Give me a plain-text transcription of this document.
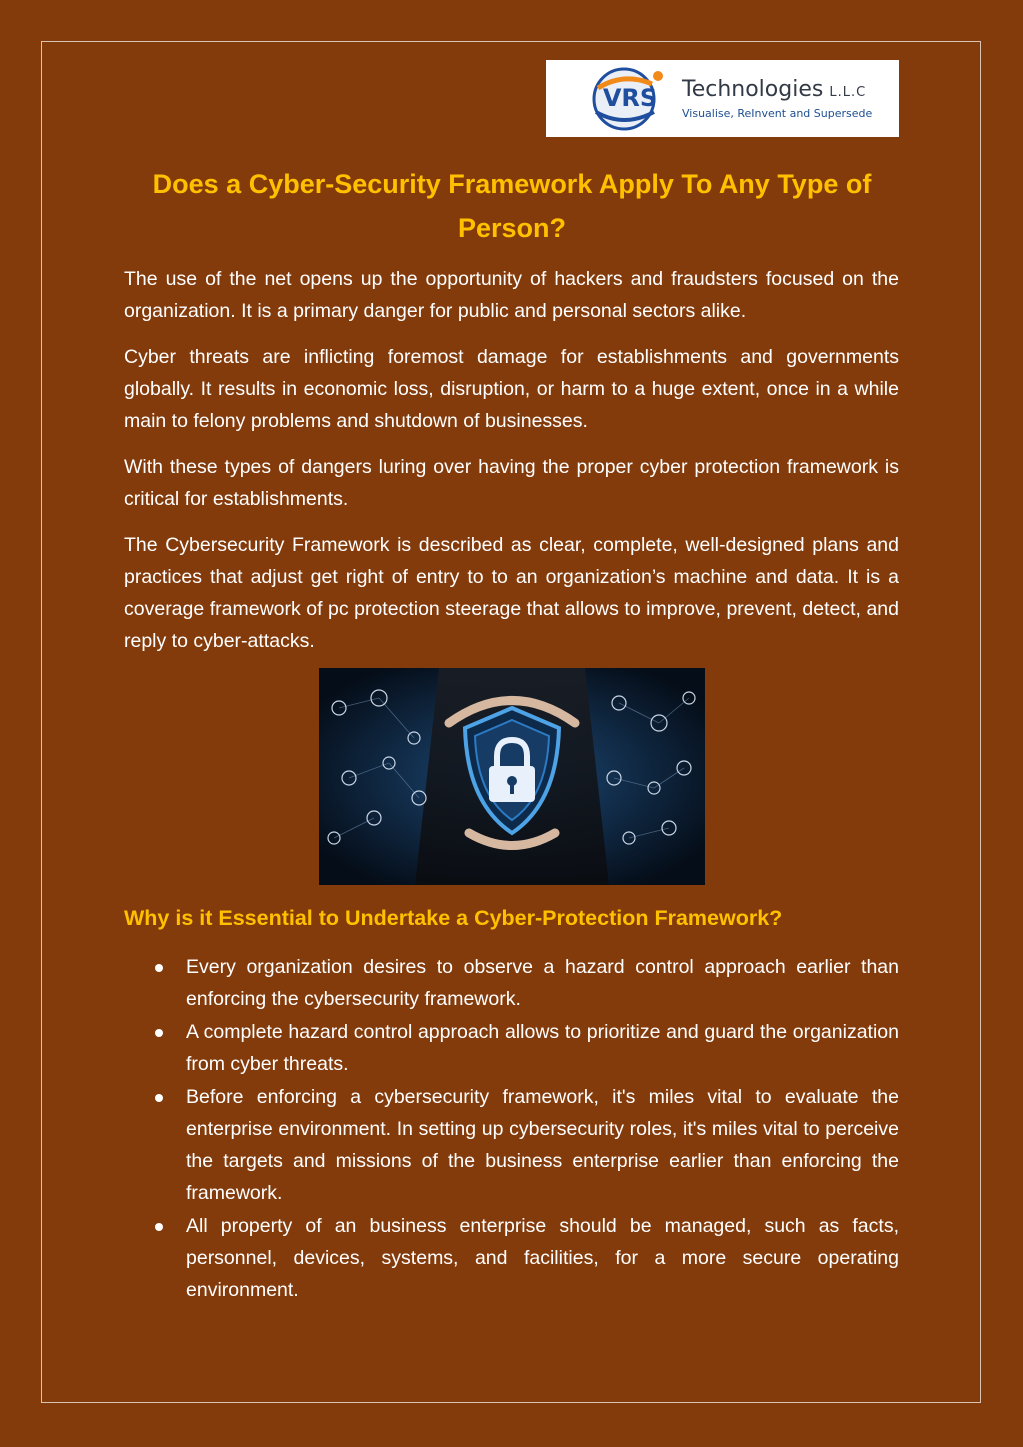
VRS	Technologies L.L.C
Visualise, ReInvent and Supersede
Does a Cyber-Security Framework Apply To Any Type of Person?

The use of the net opens up the opportunity of hackers and fraudsters focused on the organization. It is a primary danger for public and personal sectors alike.

Cyber threats are inflicting foremost damage for establishments and governments globally. It results in economic loss, disruption, or harm to a huge extent, once in a while main to felony problems and shutdown of businesses.

With these types of dangers luring over having the proper cyber protection framework is critical for establishments.

The Cybersecurity Framework is described as clear, complete, well-designed plans and practices that adjust get right of entry to to an organization’s machine and data. It is a coverage framework of pc protection steerage that allows to improve, prevent, detect, and reply to cyber-attacks.

Why is it Essential to Undertake a Cyber-Protection Framework?
Every organization desires to observe a hazard control approach earlier than enforcing the cybersecurity framework.
A complete hazard control approach allows to prioritize and guard the organization from cyber threats.
Before enforcing a cybersecurity framework, it's miles vital to evaluate the enterprise environment. In setting up cybersecurity roles, it's miles vital to perceive the targets and missions of the business enterprise earlier than enforcing the framework.
All property of an business enterprise should be managed, such as facts, personnel, devices, systems, and facilities, for a more secure operating environment.
